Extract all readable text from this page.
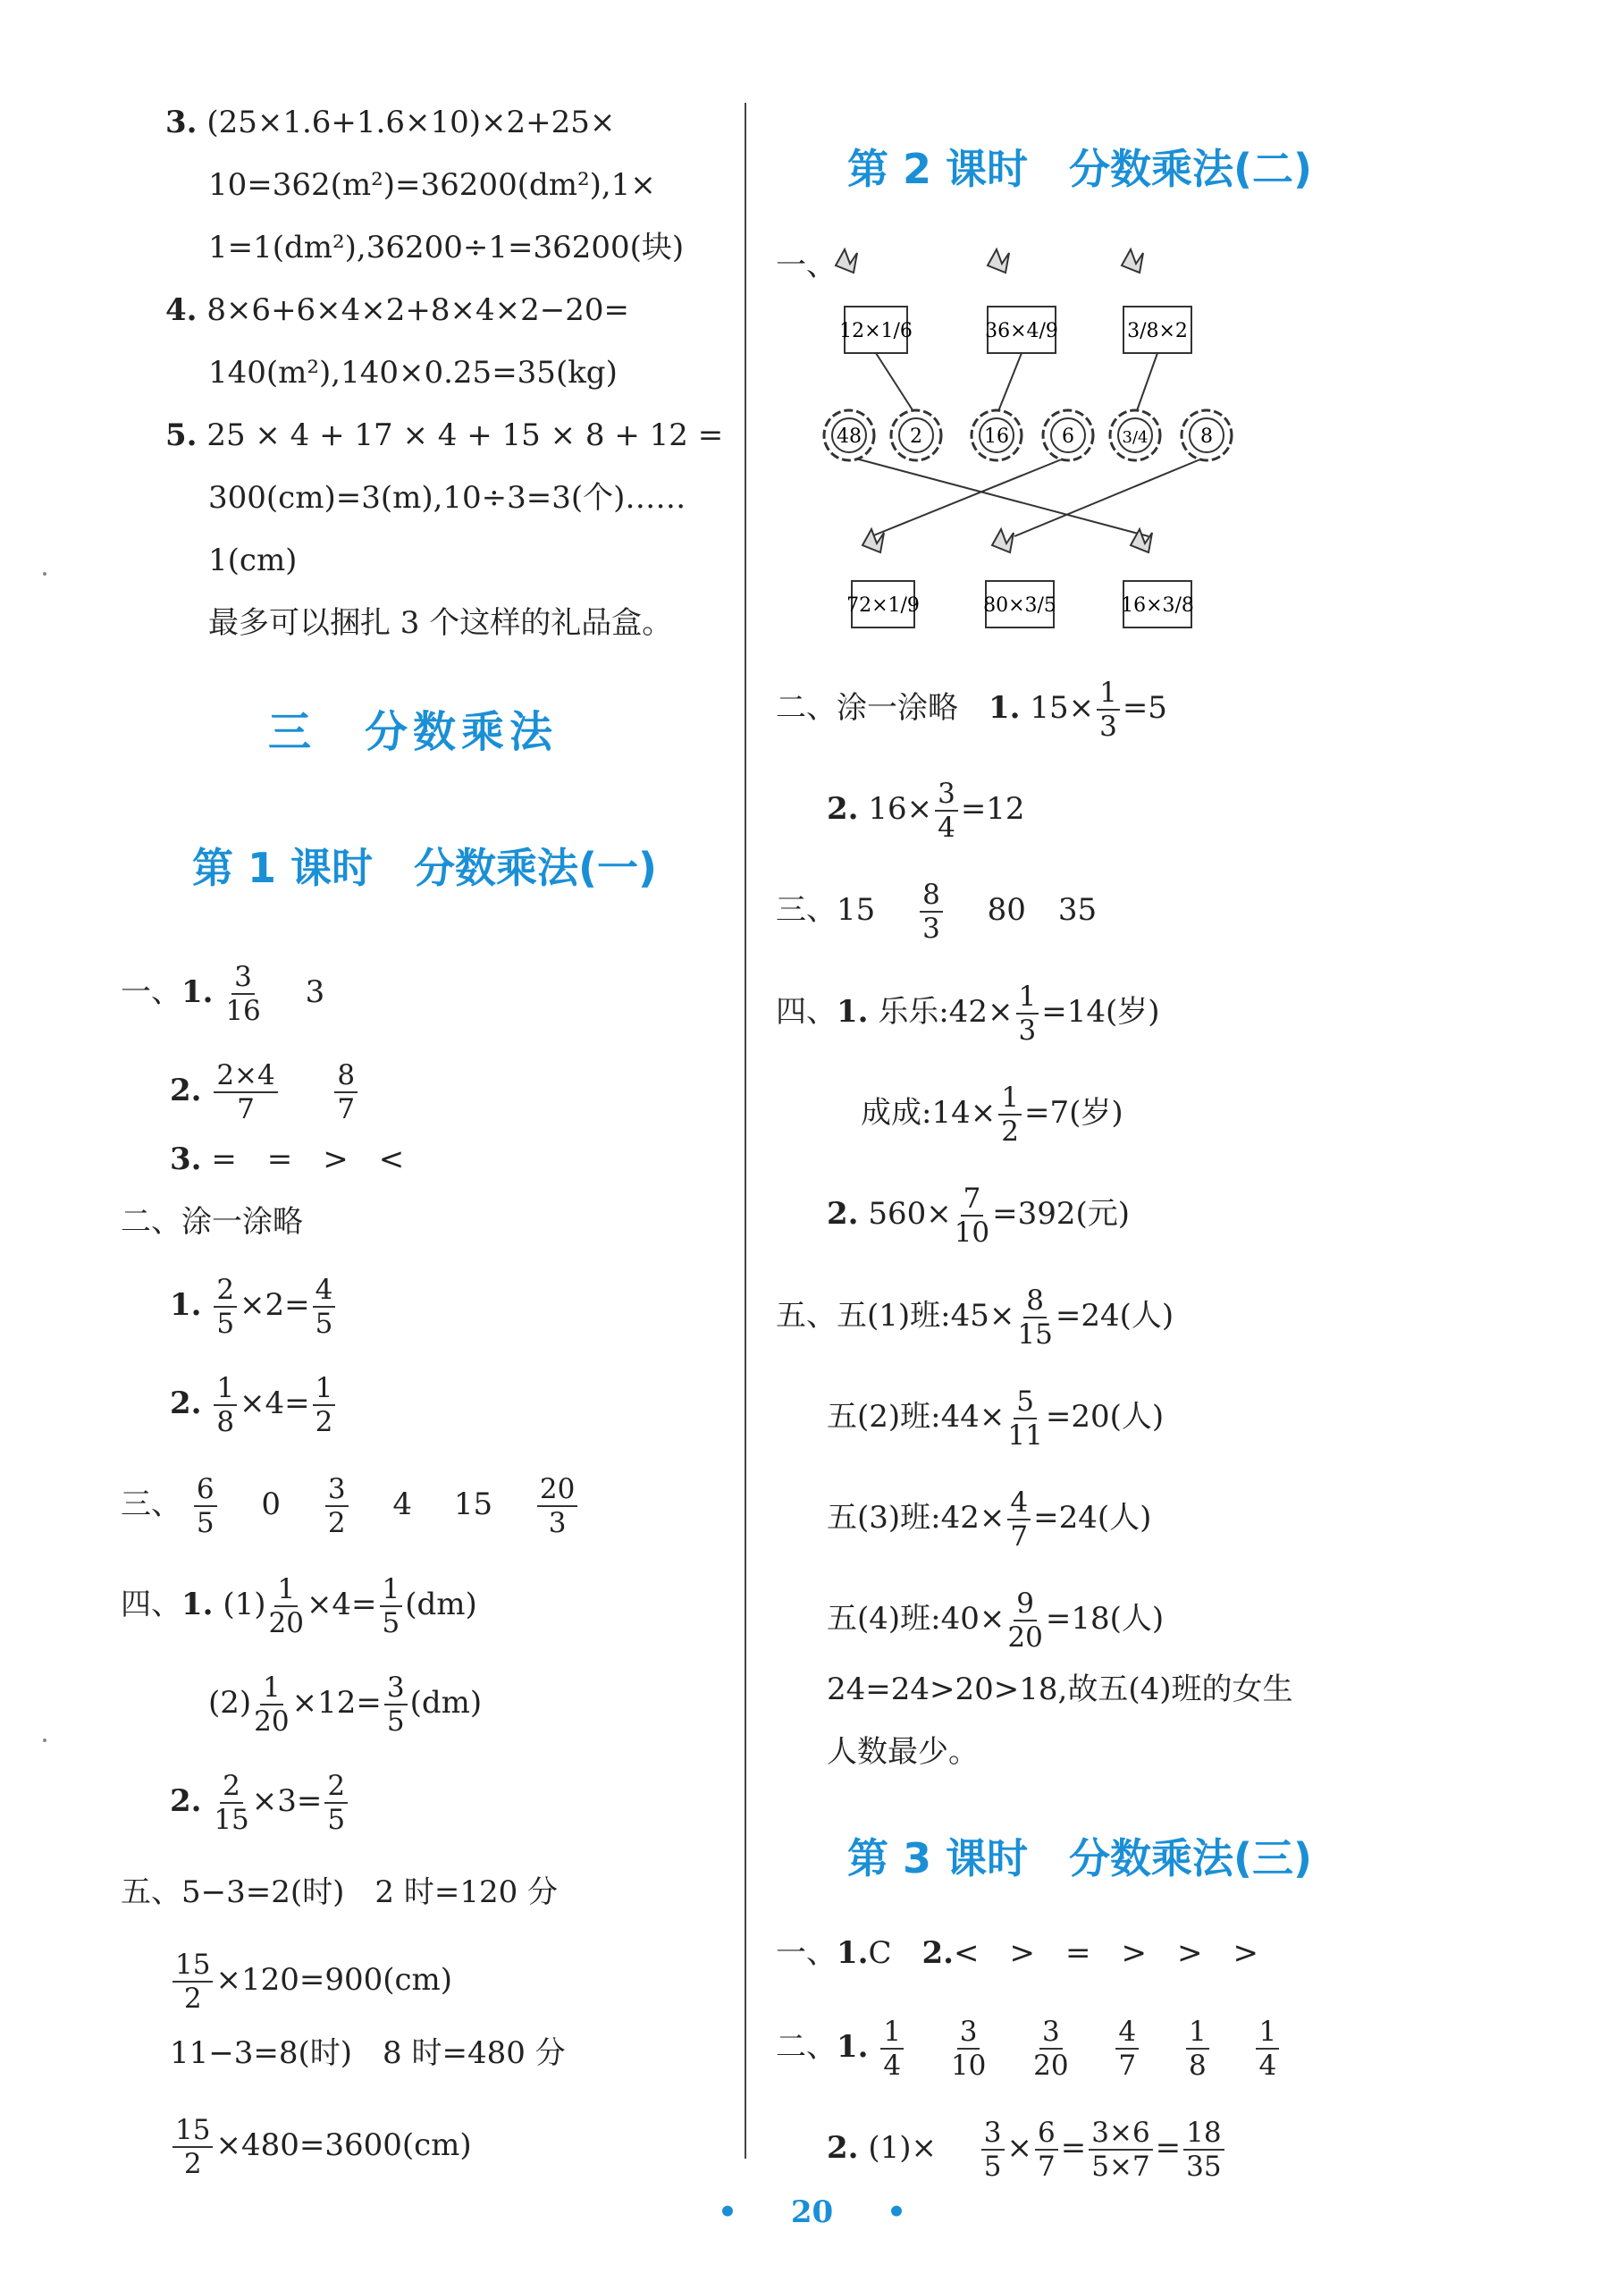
3. (25×1.6+1.6×10)×2+25×
10=362(m²)=36200(dm²),1×
1=1(dm²),36200÷1=36200(块)
4. 8×6+6×4×2+8×4×2−20=
140(m²),140×0.25=35(kg)
5. 25 × 4 + 17 × 4 + 15 × 8 + 12 =
300(cm)=3(m),10÷3=3(个)……
1(cm)
最多可以捆扎 3 个这样的礼品盒。
三　分数乘法
第 1 课时　分数乘法(一)
一、1. $\frac{3}{16} 3$
2. $\frac{2\times 4}{7}$
$\frac{8}{7}$
3. =　=　>　<
二、涂一涂略
1. $\frac{2}{5} \times 2= \frac{4}{5}$
2. $\frac{1}{8} \times 4= \frac{1}{2}$
三、 $\frac{6}{5} 0 \frac{3}{2} 4$ $15 \frac{20}{3}$
四、1. $(1) \frac{1}{20} \times 4= \frac{1}{5} (dm)$
$(2) \frac{1}{20} \times 12= \frac{3}{5} (dm)$
2. $\frac{2}{15} \times 3= \frac{2}{5}$
五、5−3=2(时)　2 时=120 分
$\frac{15}{2} \times 120=900(cm)$
11−3=8(时)　8 时=480 分
$\frac{15}{2} \times 480=3600(cm)$
第 2 课时　分数乘法(二)
一、
12×1/6	36×4/9	3/8×2
48 2	16	6	3/4	8
72×1/9	80×3/5	16×3/8
二、涂一涂略　 1. $15\times \frac{1}{3} =5$
2. $16\times \frac{3}{4} =12$
三、$15 \frac{8}{3} 80$ 35
四、1. 乐乐:42× $\frac{1}{3} =14$(岁)
成成:14× $\frac{1}{2} =7$(岁)
2. $560\times \frac{7}{10} =392$(元)
五、五(1)班:45× $\frac{8}{15} =24$(人)
五(2)班:44× $\frac{5}{11} =20$(人)
五(3)班:42× $\frac{4}{7} =24$(人)
五(4)班:40× $\frac{9}{20} =18$(人)
24=24>20>18,故五(4)班的女生
人数最少。
第 3 课时　分数乘法(三)
一、1.C　 2.<　>　=　>　>　>
二、1. $\frac{1}{4}$
$\frac{3}{10}$
$\frac{3}{20}$
$\frac{4}{7}$
$\frac{1}{8}$
$\frac{1}{4}$
2. $(1)\times \frac{3}{5} \times \frac{6}{7} = \frac{3\times 6}{5\times 7} = \frac{18}{35}$
• 20 •
